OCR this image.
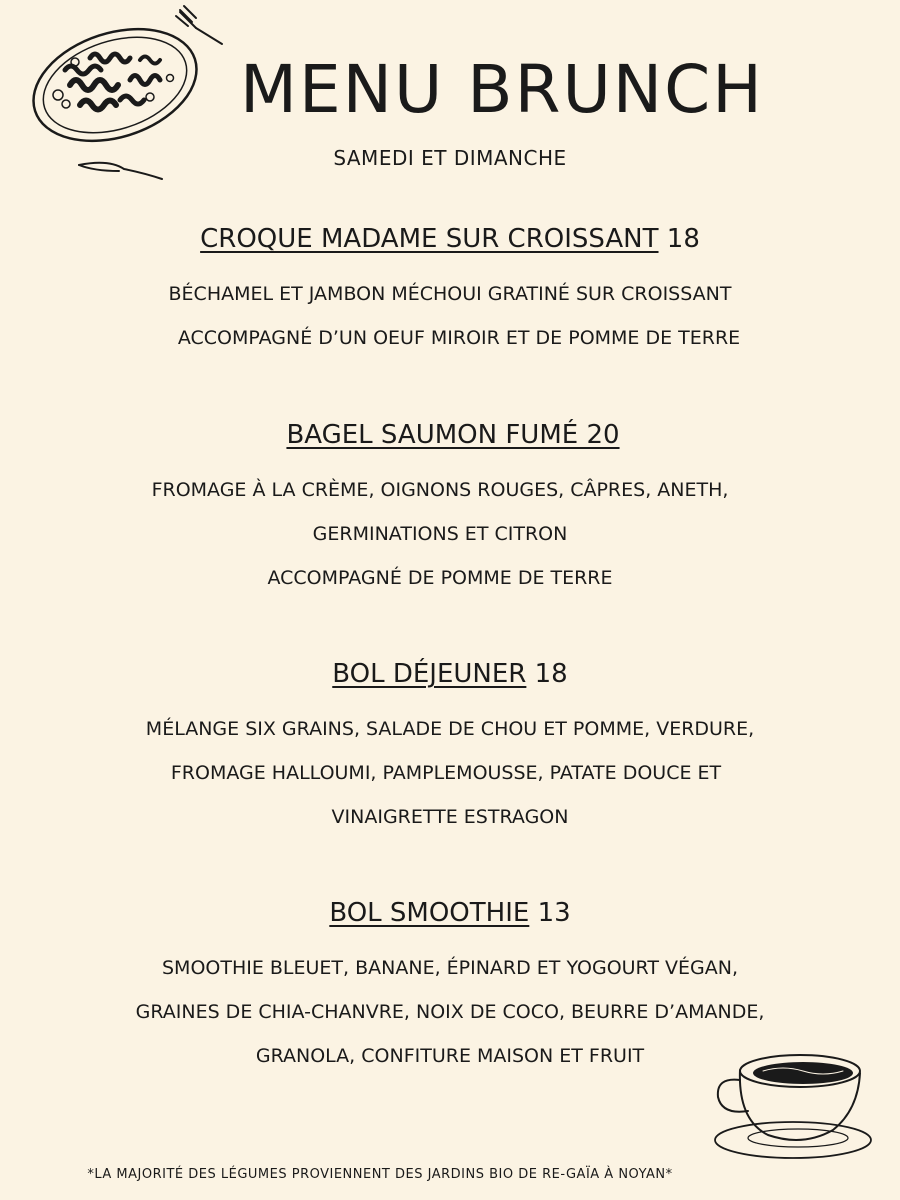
MENU BRUNCH
SAMEDI ET DIMANCHE
CROQUE MADAME SUR CROISSANT 18
BÉCHAMEL ET JAMBON MÉCHOUI GRATINÉ SUR CROISSANT
ACCOMPAGNÉ D’UN OEUF MIROIR ET DE POMME DE TERRE
BAGEL SAUMON FUMÉ 20
FROMAGE À LA CRÈME, OIGNONS ROUGES, CÂPRES, ANETH,
GERMINATIONS ET CITRON
ACCOMPAGNÉ DE POMME DE TERRE
BOL DÉJEUNER 18
MÉLANGE SIX GRAINS, SALADE DE CHOU ET POMME, VERDURE,
FROMAGE HALLOUMI, PAMPLEMOUSSE, PATATE DOUCE ET
VINAIGRETTE ESTRAGON
BOL SMOOTHIE 13
SMOOTHIE BLEUET, BANANE, ÉPINARD ET YOGOURT VÉGAN,
GRAINES DE CHIA-CHANVRE, NOIX DE COCO, BEURRE D’AMANDE,
GRANOLA, CONFITURE MAISON ET FRUIT
*LA MAJORITÉ DES LÉGUMES PROVIENNENT DES JARDINS BIO DE RE-GAÏA À NOYAN*
